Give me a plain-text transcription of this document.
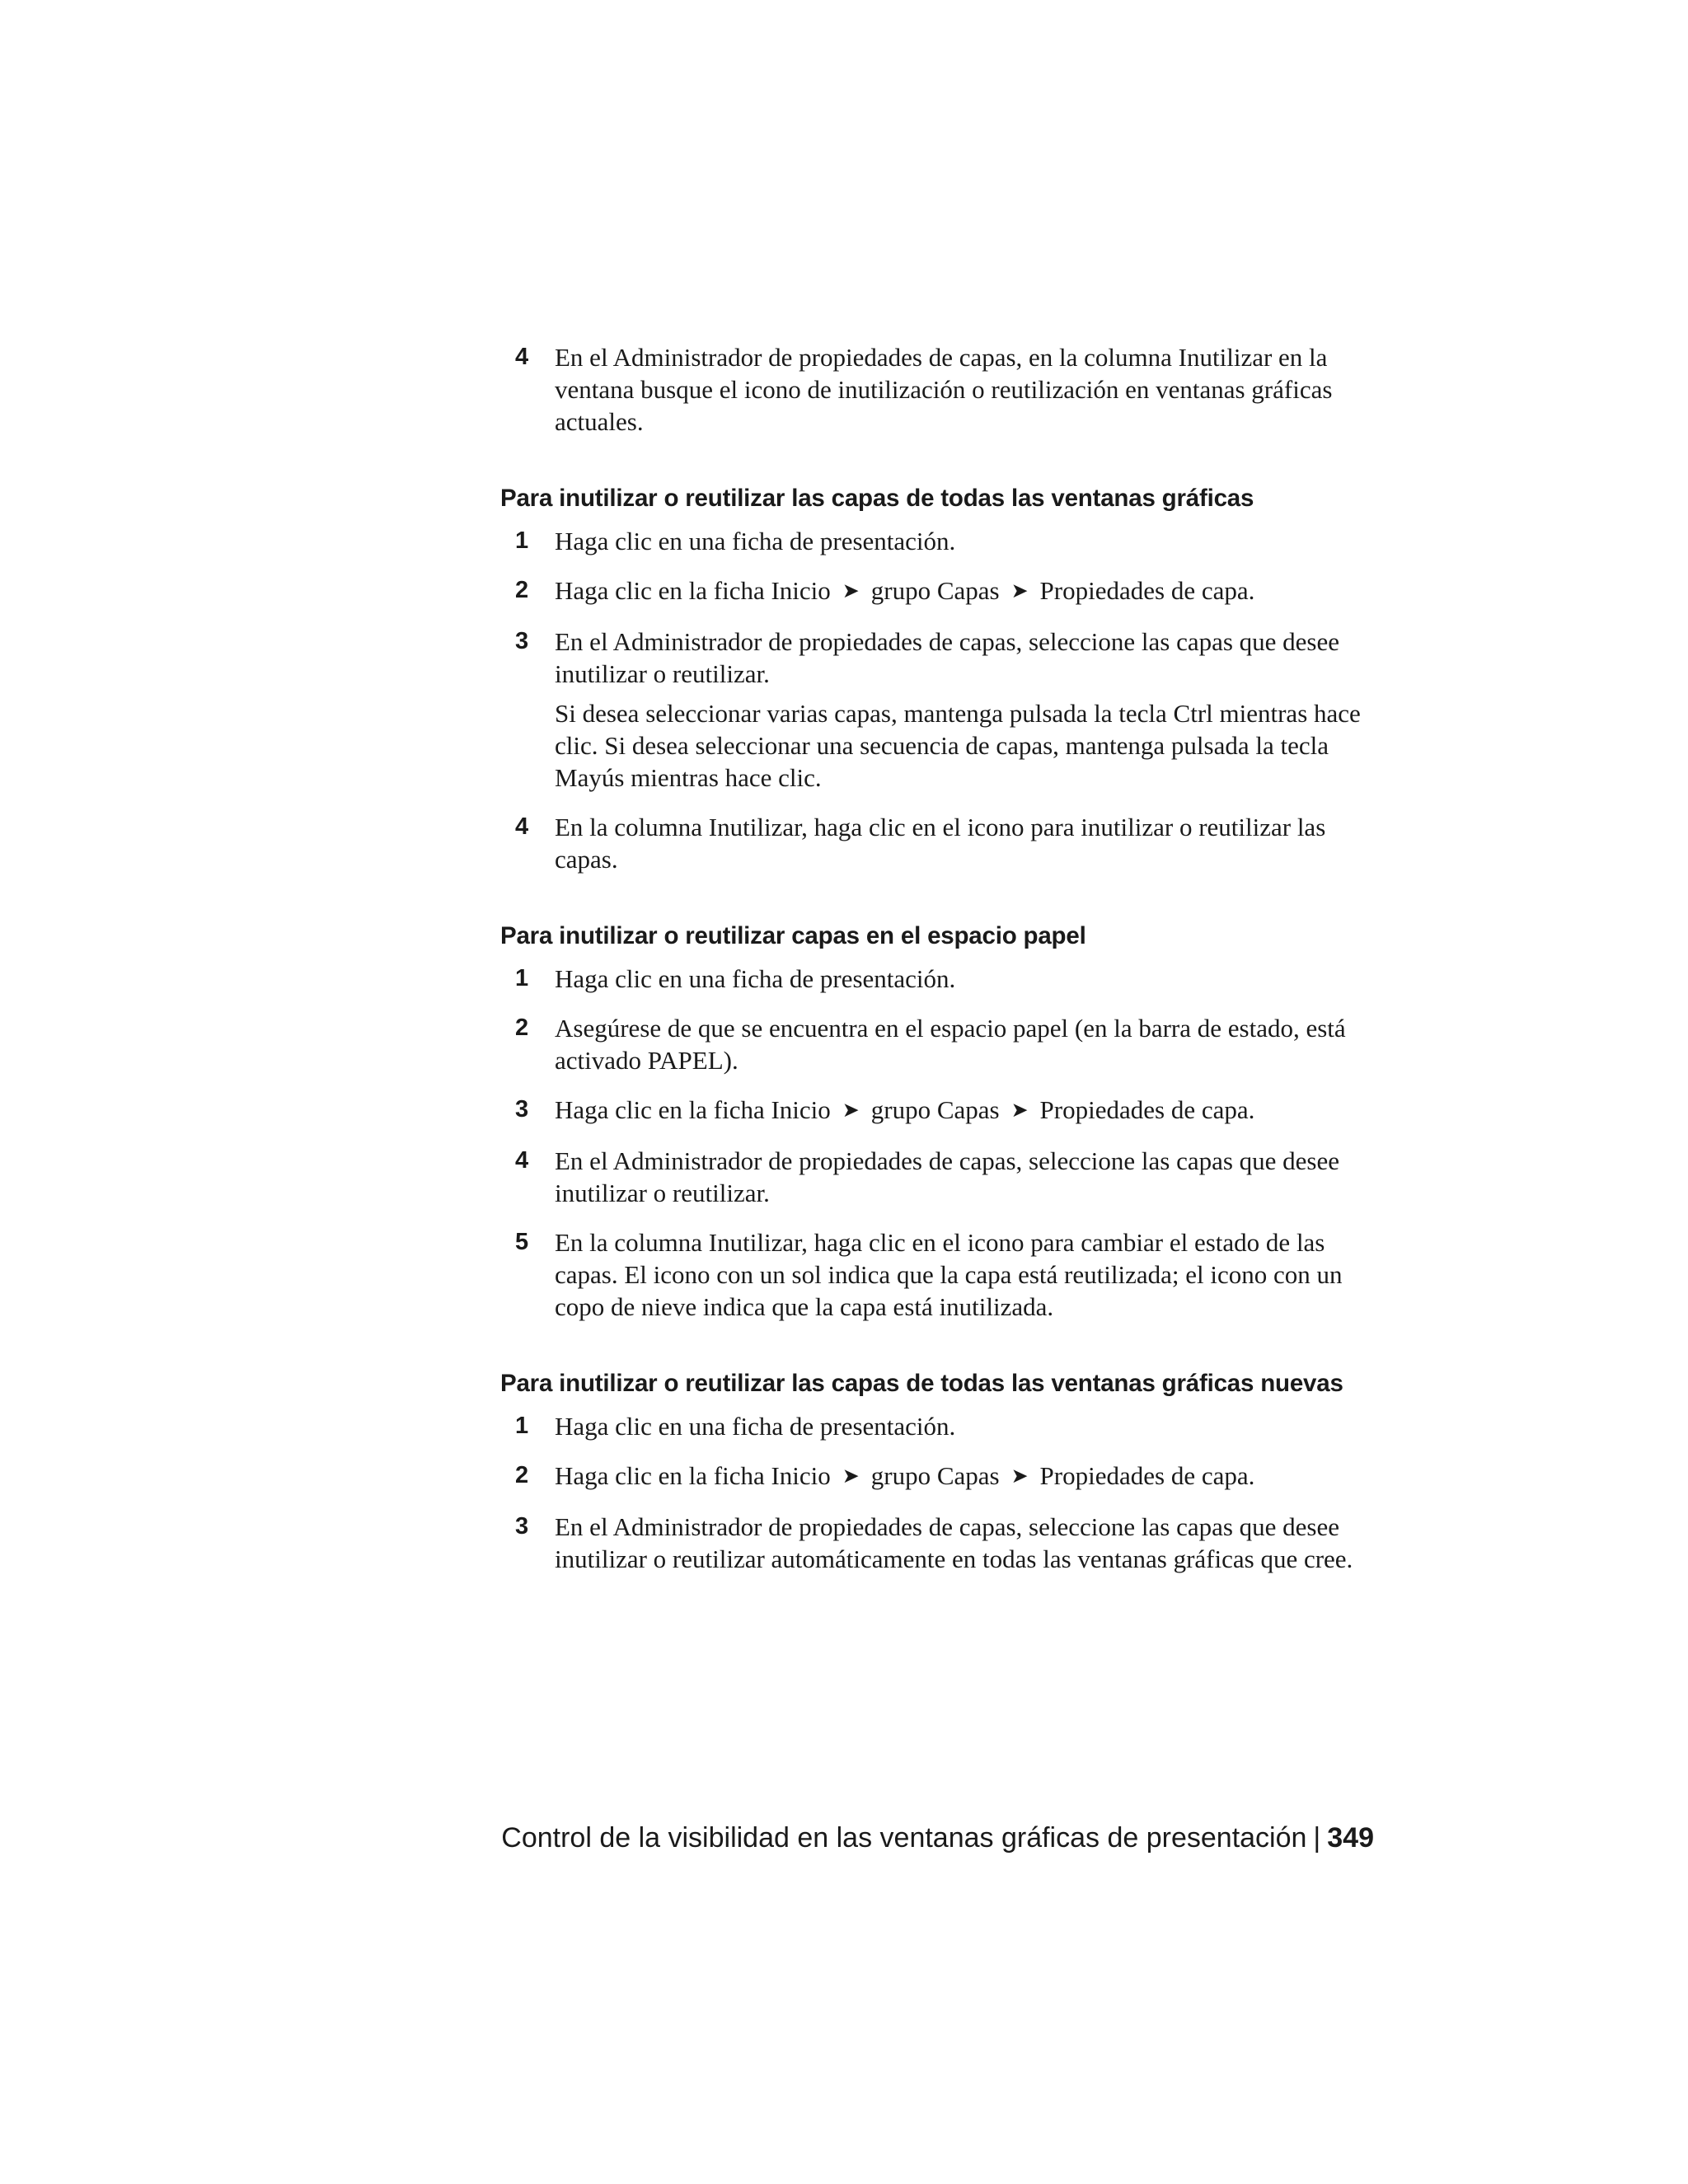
4 En el Administrador de propiedades de capas, en la columna Inutilizar en la ventana busque el icono de inutilización o reutilización en ventanas gráficas actuales.
Para inutilizar o reutilizar las capas de todas las ventanas gráficas
1 Haga clic en una ficha de presentación.
2 Haga clic en la ficha Inicio ➤ grupo Capas ➤ Propiedades de capa.
3 En el Administrador de propiedades de capas, seleccione las capas que desee inutilizar o reutilizar.
Si desea seleccionar varias capas, mantenga pulsada la tecla Ctrl mientras hace clic. Si desea seleccionar una secuencia de capas, mantenga pulsada la tecla Mayús mientras hace clic.
4 En la columna Inutilizar, haga clic en el icono para inutilizar o reutilizar las capas.
Para inutilizar o reutilizar capas en el espacio papel
1 Haga clic en una ficha de presentación.
2 Asegúrese de que se encuentra en el espacio papel (en la barra de estado, está activado PAPEL).
3 Haga clic en la ficha Inicio ➤ grupo Capas ➤ Propiedades de capa.
4 En el Administrador de propiedades de capas, seleccione las capas que desee inutilizar o reutilizar.
5 En la columna Inutilizar, haga clic en el icono para cambiar el estado de las capas. El icono con un sol indica que la capa está reutilizada; el icono con un copo de nieve indica que la capa está inutilizada.
Para inutilizar o reutilizar las capas de todas las ventanas gráficas nuevas
1 Haga clic en una ficha de presentación.
2 Haga clic en la ficha Inicio ➤ grupo Capas ➤ Propiedades de capa.
3 En el Administrador de propiedades de capas, seleccione las capas que desee inutilizar o reutilizar automáticamente en todas las ventanas gráficas que cree.
Control de la visibilidad en las ventanas gráficas de presentación | 349
